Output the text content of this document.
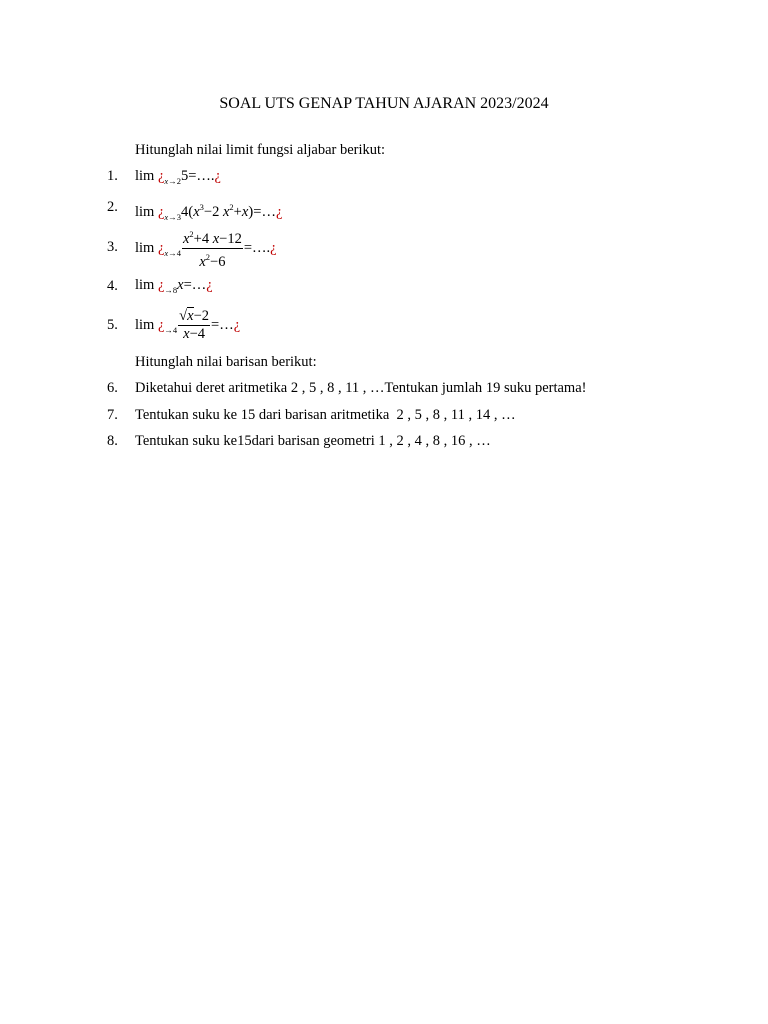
SOAL UTS GENAP TAHUN AJARAN 2023/2024
Hitunglah nilai limit fungsi aljabar berikut:
1. $\lim ¿_{x\to 2}5=\dots.¿$
2. $\lim ¿_{x\to 3}4(x^3-2$ $x^2+x)=\dots¿$
3. $\lim ¿_{x\to 4} \frac{x^2+4 x-12}{x^2-6}$ =….¿
4. $\lim ¿_{\to 8}x=\dots¿$
5. $\lim ¿_{\to 4} \frac{√x-2}{x-4}$ =…¿
Hitunglah nilai barisan berikut:
6. Diketahui deret aritmetika 2 , 5 , 8 , 11 , …Tentukan jumlah 19 suku pertama!
7. Tentukan suku ke 15 dari barisan aritmetika 2 , 5 , 8 , 11 , 14 , …
8. Tentukan suku ke15dari barisan geometri 1 , 2 , 4 , 8 , 16 , …
